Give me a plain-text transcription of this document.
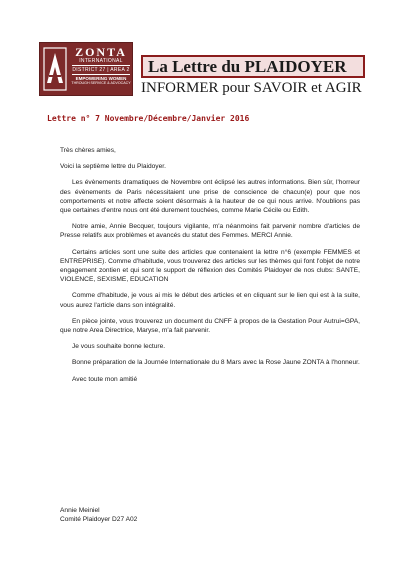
ZONTA
INTERNATIONAL
DISTRICT 27 | AREA 2
EMPOWERING WOMEN
THROUGH SERVICE & ADVOCACY
La Lettre du PLAIDOYER
INFORMER pour SAVOIR et AGIR
Lettre n° 7 Novembre/Décembre/Janvier 2016

Très chères amies,

Voici la septième lettre du Plaidoyer.

Les évènements dramatiques de Novembre ont éclipsé les autres informations. Bien sûr, l'horreur des évènements de Paris nécessitaient une prise de conscience de chacun(e) pour que nos comportements et notre affecte soient désormais à la hauteur de ce qui nous arrive. N'oublions pas que certaines d'entre nous ont été durement touchées, comme Marie Cécile ou Edith.

Notre amie, Annie Becquer, toujours vigilante, m'a néanmoins fait parvenir nombre d'articles de Presse relatifs aux problèmes et avancés du statut des Femmes. MERCI Annie.

Certains articles sont une suite des articles que contenaient la lettre n°6 (exemple FEMMES et ENTREPRISE). Comme d'habitude, vous trouverez des articles sur les thèmes qui font l'objet de notre engagement zontien et qui sont le support de réflexion des Comités Plaidoyer de nos clubs: SANTE, VIOLENCE, SEXISME, EDUCATION

Comme d'habitude, je vous ai mis le début des articles et en cliquant sur le lien qui est à la suite, vous aurez l'article dans son intégralité.

En pièce jointe, vous trouverez un document du CNFF à propos de la Gestation Pour Autrui=GPA, que notre Area Directrice, Maryse, m'a fait parvenir.

Je vous souhaite bonne lecture.

Bonne préparation de la Journée Internationale du 8 Mars avec la Rose Jaune ZONTA à l'honneur.

Avec toute mon amitié

Annie Meiniel
Comité Plaidoyer D27 A02
